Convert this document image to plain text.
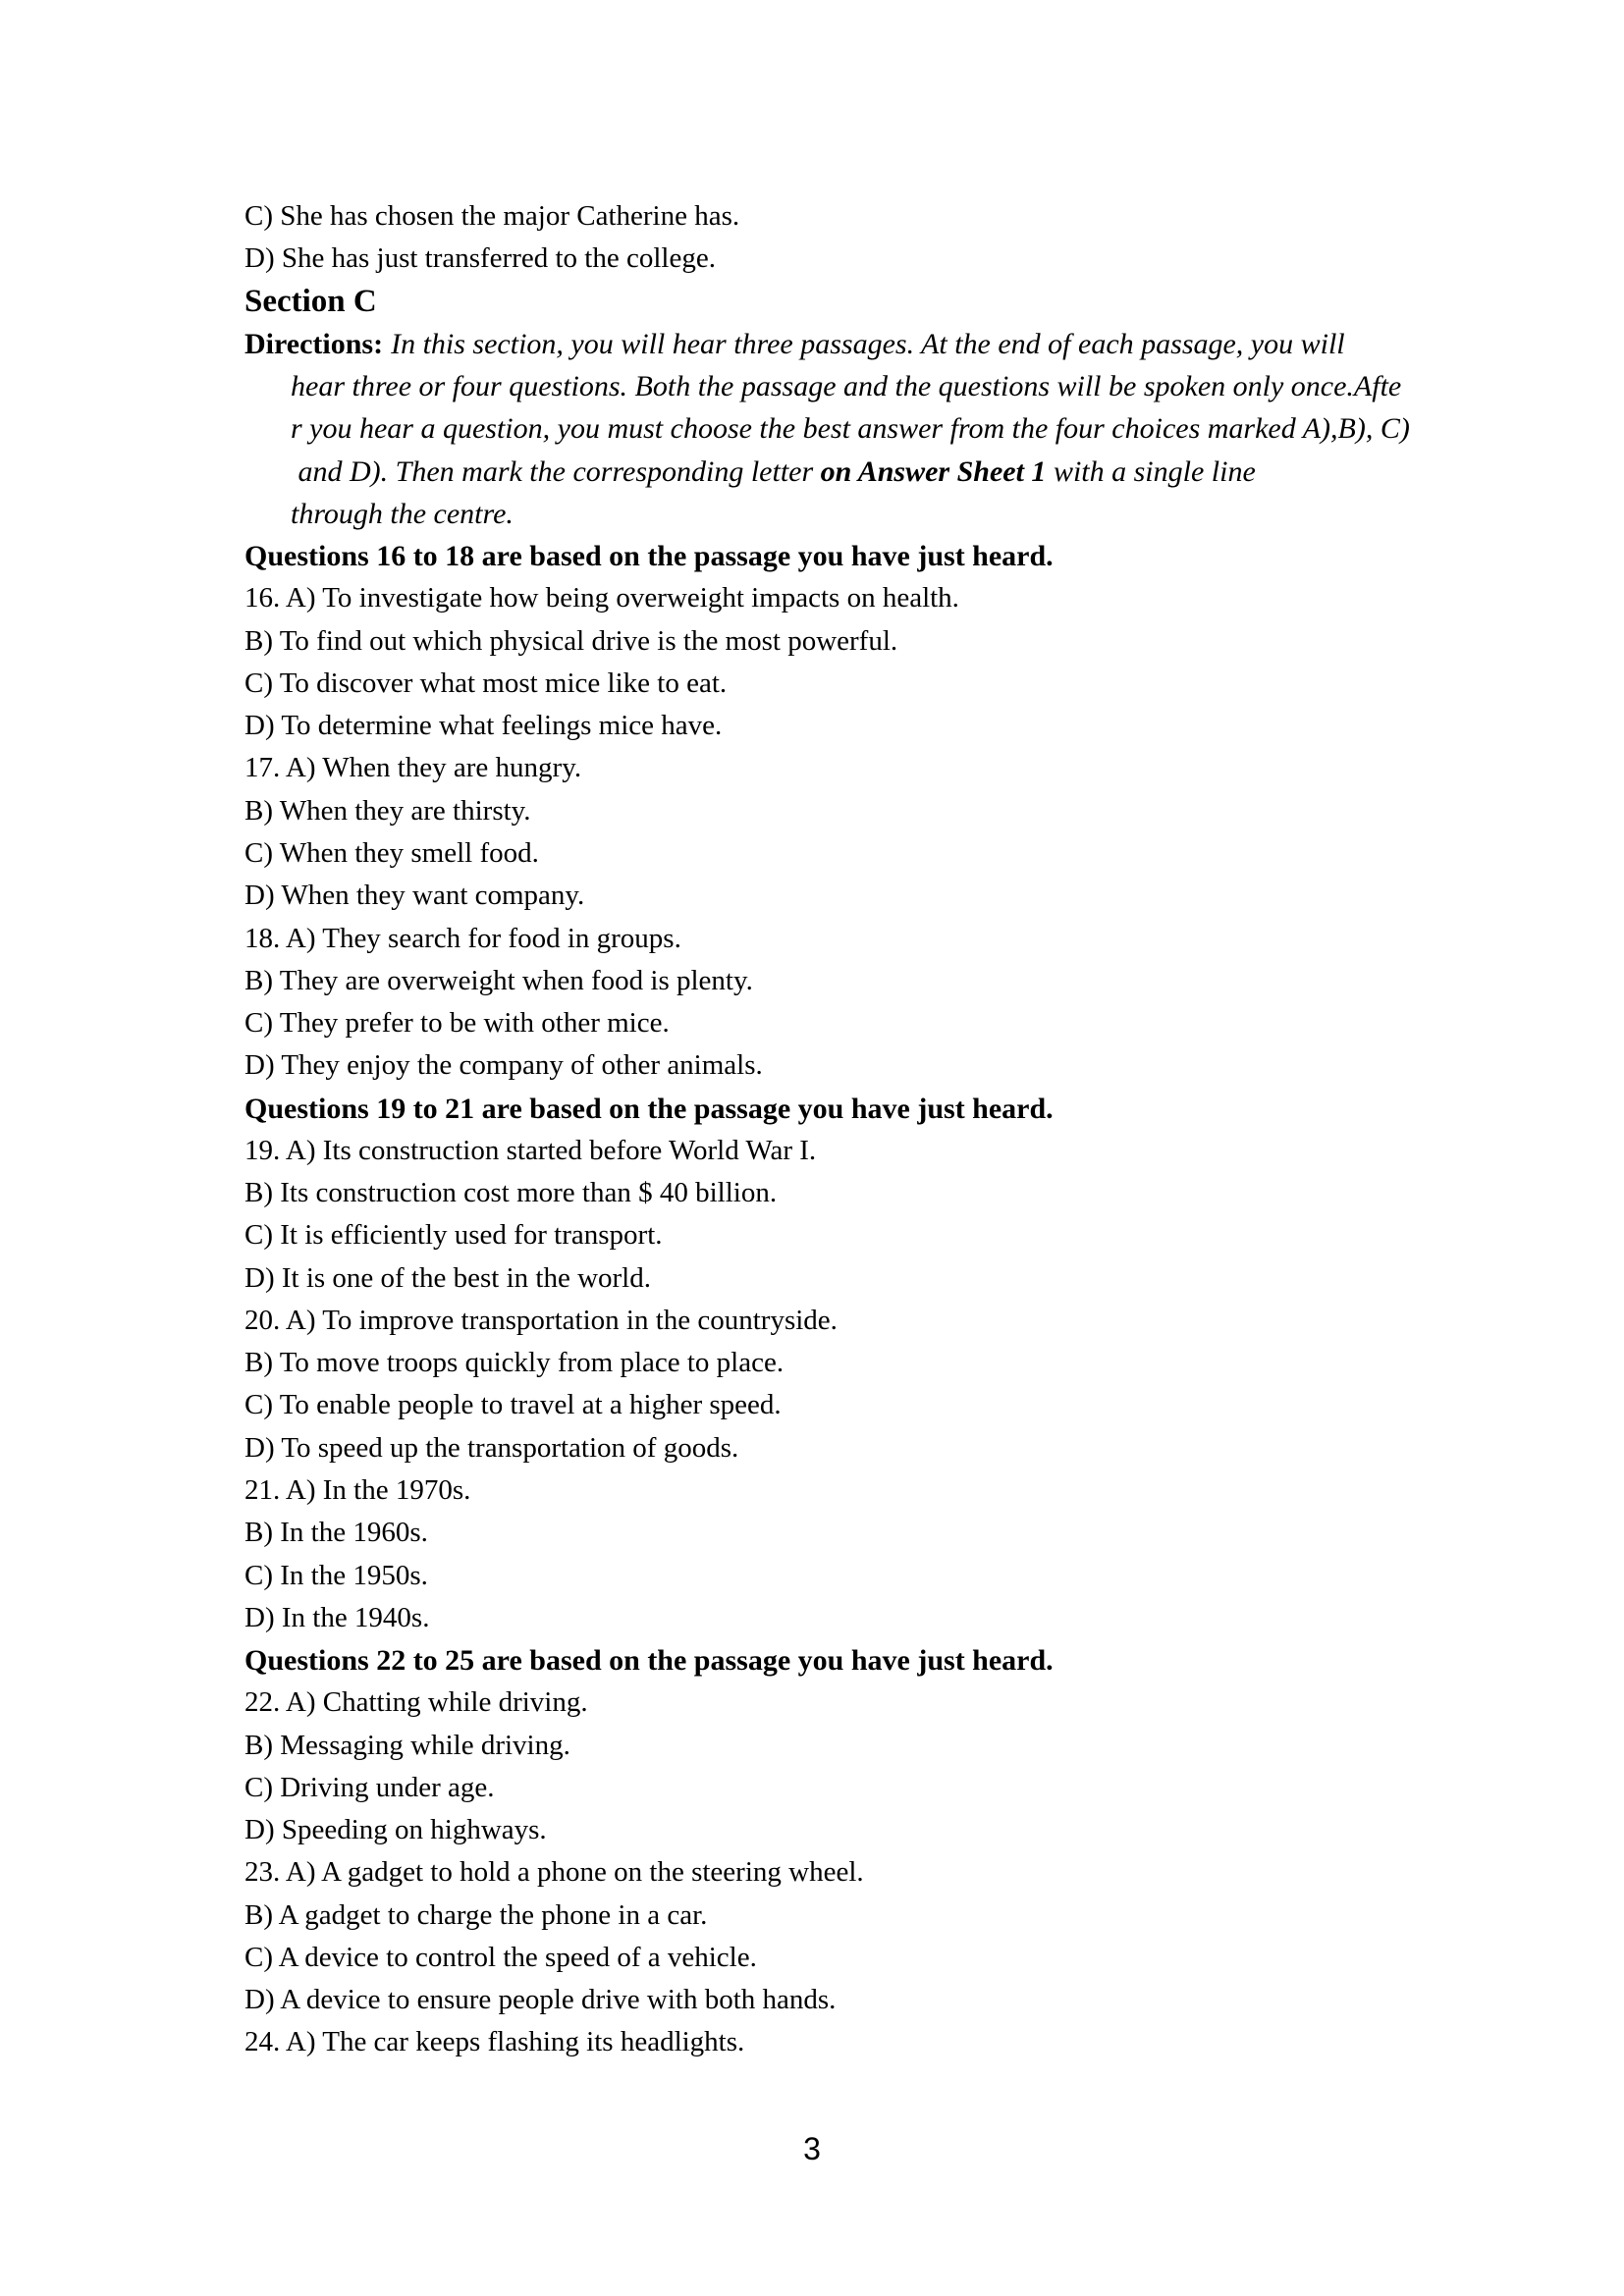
C) She has chosen the major Catherine has.
D) She has just transferred to the college.
Section C
Directions: In this section, you will hear three passages. At the end of each passage, you will
hear three or four questions. Both the passage and the questions will be spoken only once.Afte
r you hear a question, you must choose the best answer from the four choices marked A),B), C)
and D). Then mark the corresponding letter on Answer Sheet 1 with a single line
through the centre.
Questions 16 to 18 are based on the passage you have just heard.
16. A) To investigate how being overweight impacts on health.
B) To find out which physical drive is the most powerful.
C) To discover what most mice like to eat.
D) To determine what feelings mice have.
17. A) When they are hungry.
B) When they are thirsty.
C) When they smell food.
D) When they want company.
18. A) They search for food in groups.
B) They are overweight when food is plenty.
C) They prefer to be with other mice.
D) They enjoy the company of other animals.
Questions 19 to 21 are based on the passage you have just heard.
19. A) Its construction started before World War I.
B) Its construction cost more than $ 40 billion.
C) It is efficiently used for transport.
D) It is one of the best in the world.
20. A) To improve transportation in the countryside.
B) To move troops quickly from place to place.
C) To enable people to travel at a higher speed.
D) To speed up the transportation of goods.
21. A) In the 1970s.
B) In the 1960s.
C) In the 1950s.
D) In the 1940s.
Questions 22 to 25 are based on the passage you have just heard.
22. A) Chatting while driving.
B) Messaging while driving.
C) Driving under age.
D) Speeding on highways.
23. A) A gadget to hold a phone on the steering wheel.
B) A gadget to charge the phone in a car.
C) A device to control the speed of a vehicle.
D) A device to ensure people drive with both hands.
24. A) The car keeps flashing its headlights.
3
